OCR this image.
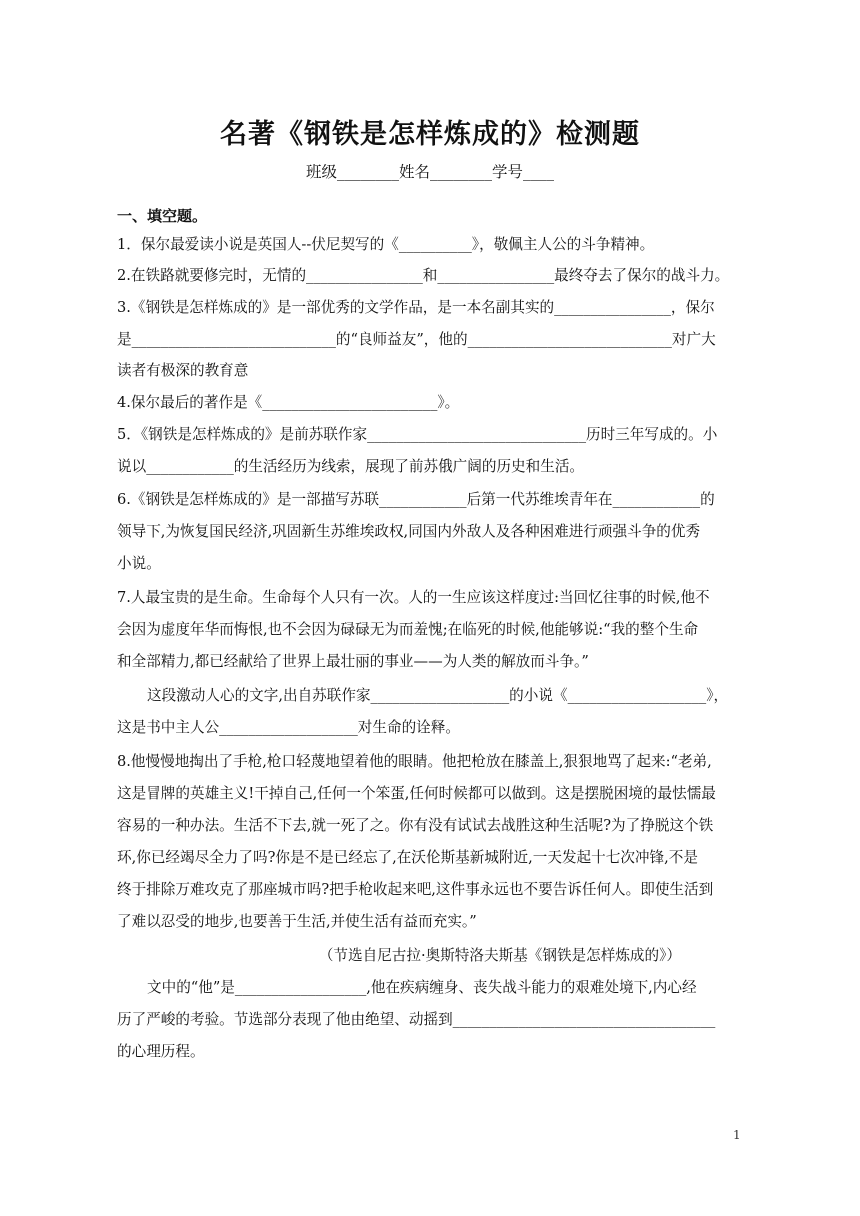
名著《钢铁是怎样炼成的》检测题
班级________姓名________学号____
一、填空题。
1．保尔最爱读小说是英国人--伏尼契写的《__________》，敬佩主人公的斗争精神。
2.在铁路就要修完时，无情的________________和________________最终夺去了保尔的战斗力。
3.《钢铁是怎样炼成的》是一部优秀的文学作品，是一本名副其实的________________，保尔
是____________________________的“良师益友”，他的____________________________对广大
读者有极深的教育意
4.保尔最后的著作是《________________________》。
5．《钢铁是怎样炼成的》是前苏联作家______________________________历时三年写成的。小
说以____________的生活经历为线索，展现了前苏俄广阔的历史和生活。
6.《钢铁是怎样炼成的》是一部描写苏联____________后第一代苏维埃青年在____________的
领导下,为恢复国民经济,巩固新生苏维埃政权,同国内外敌人及各种困难进行顽强斗争的优秀
小说。
7.人最宝贵的是生命。生命每个人只有一次。人的一生应该这样度过:当回忆往事的时候,他不
会因为虚度年华而悔恨,也不会因为碌碌无为而羞愧;在临死的时候,他能够说:“我的整个生命
和全部精力,都已经献给了世界上最壮丽的事业——为人类的解放而斗争。”
这段激动人心的文字,出自苏联作家___________________的小说《___________________》，
这是书中主人公___________________对生命的诠释。
8.他慢慢地掏出了手枪,枪口轻蔑地望着他的眼睛。他把枪放在膝盖上,狠狠地骂了起来:“老弟,
这是冒牌的英雄主义!干掉自己,任何一个笨蛋,任何时候都可以做到。这是摆脱困境的最怯懦最
容易的一种办法。生活不下去,就一死了之。你有没有试试去战胜这种生活呢?为了挣脱这个铁
环,你已经竭尽全力了吗?你是不是已经忘了,在沃伦斯基新城附近,一天发起十七次冲锋,不是
终于排除万难攻克了那座城市吗?把手枪收起来吧,这件事永远也不要告诉任何人。即使生活到
了难以忍受的地步,也要善于生活,并使生活有益而充实。”
（节选自尼古拉·奥斯特洛夫斯基《钢铁是怎样炼成的》）
文中的“他”是__________________,他在疾病缠身、丧失战斗能力的艰难处境下,内心经
历了严峻的考验。节选部分表现了他由绝望、动摇到____________________________________
的心理历程。
1
